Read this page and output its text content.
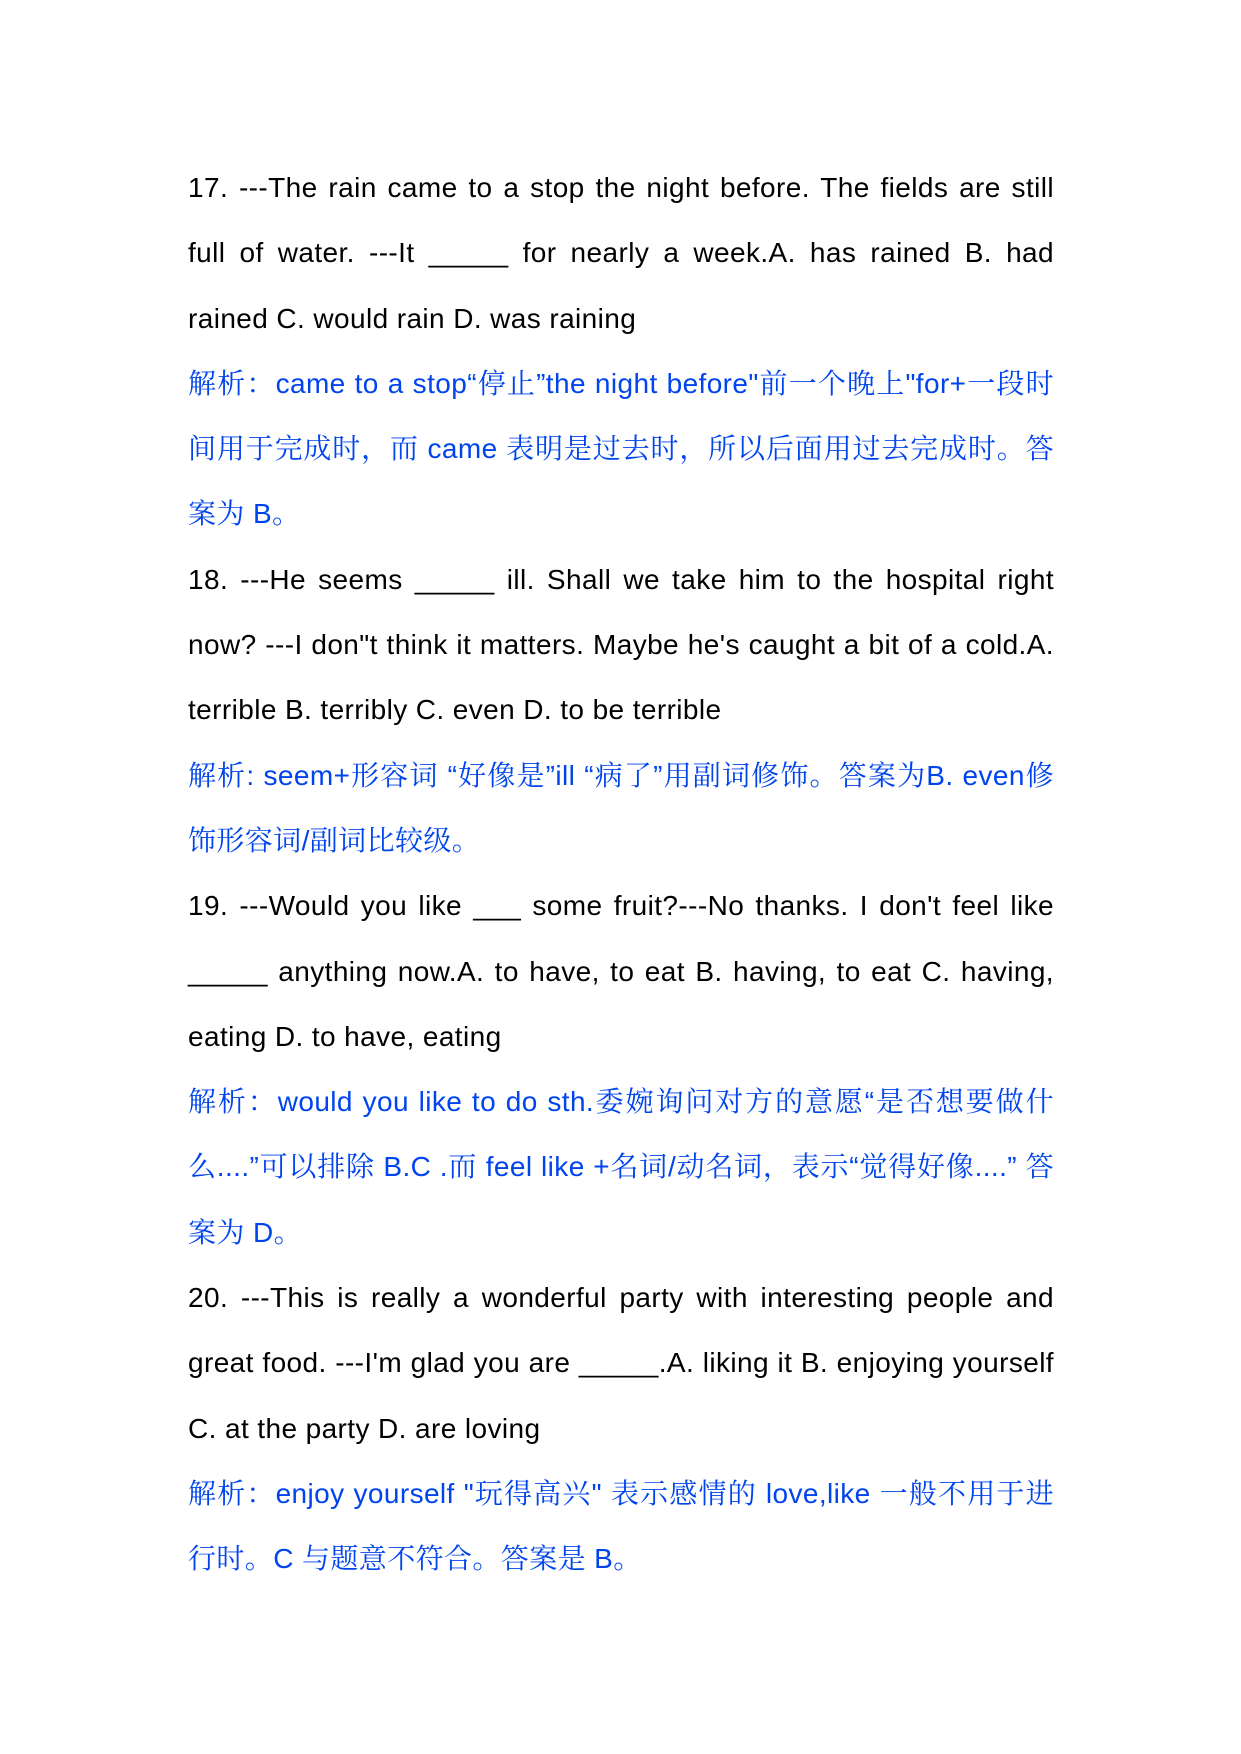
17. ---The rain came to a stop the night before. The fields are still full of water. ---It _____ for nearly a week.A. has rained B. had rained C. would rain D. was raining

解析：came to a stop“停止”the night before"前一个晚上"for+一段时间用于完成时，而 came 表明是过去时，所以后面用过去完成时。答案为 B。

18. ---He seems _____ ill. Shall we take him to the hospital right now? ---I don"t think it matters. Maybe he's caught a bit of a cold.A. terrible B. terribly C. even D. to be terrible

解析: seem+形容词 “好像是”ill “病了”用副词修饰。答案为B. even修饰形容词/副词比较级。

19. ---Would you like ___ some fruit?---No thanks. I don't feel like _____ anything now.A. to have, to eat B. having, to eat C. having, eating D. to have, eating

解析：would you like to do sth.委婉询问对方的意愿“是否想要做什么....”可以排除 B.C .而 feel like +名词/动名词，表示“觉得好像....” 答案为 D。

20. ---This is really a wonderful party with interesting people and great food. ---I'm glad you are _____.A. liking it B. enjoying yourself C. at the party D. are loving

解析：enjoy yourself "玩得高兴" 表示感情的 love,like 一般不用于进行时。C 与题意不符合。答案是 B。
